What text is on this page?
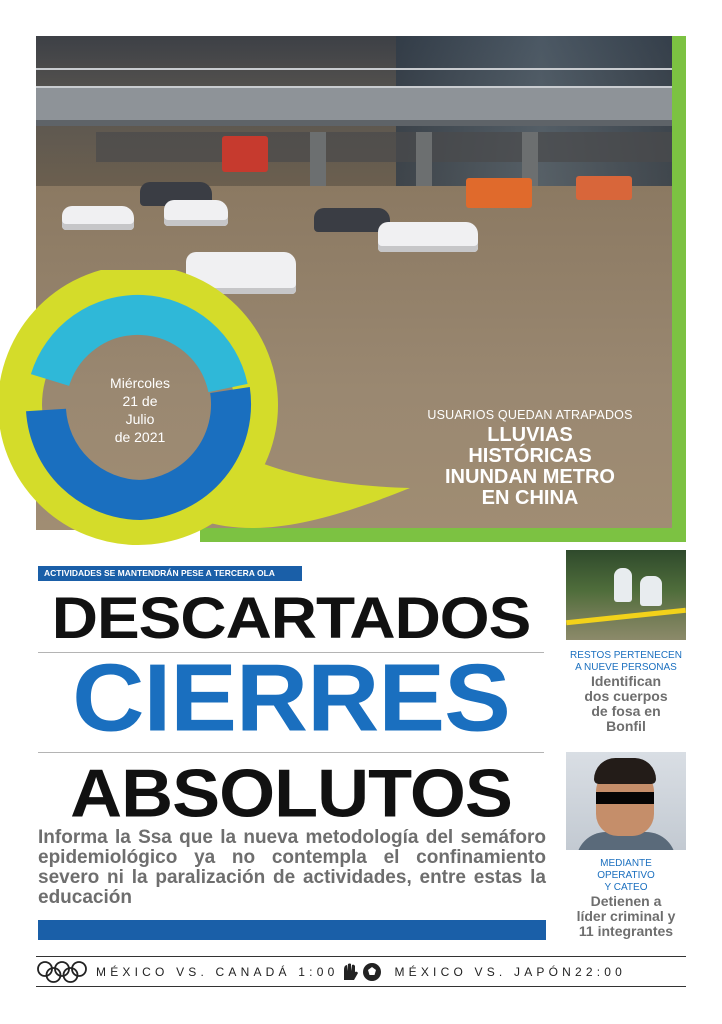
USUARIOS QUEDAN ATRAPADOS
LLUVIAS
HISTÓRICAS
INUNDAN METRO
EN CHINA
Miércoles
21 de
Julio
de 2021
ACTIVIDADES SE MANTENDRÁN PESE A TERCERA OLA
DESCARTADOS
CIERRES
ABSOLUTOS
Informa la Ssa que la nueva metodología del semáforo epidemiológico ya no contempla el confinamiento severo ni la paralización de actividades, entre estas la educación
RESTOS PERTENECEN
A NUEVE PERSONAS
Identifican
dos cuerpos
de fosa en
Bonfil
MEDIANTE
OPERATIVO
Y CATEO
Detienen a
líder criminal y
11 integrantes
MÉXICO VS. CANADÁ 1:00	MÉXICO VS. JAPÓN22:00
